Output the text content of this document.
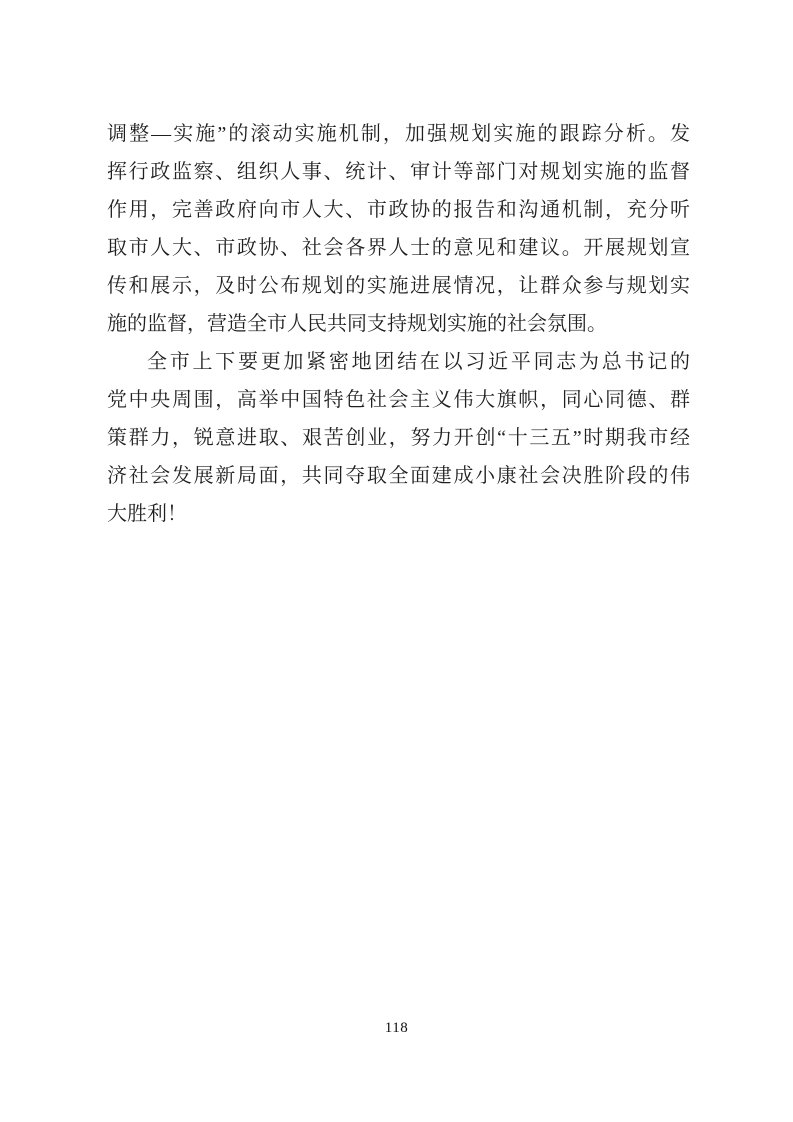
调整—实施”的滚动实施机制，加强规划实施的跟踪分析。发
挥行政监察、组织人事、统计、审计等部门对规划实施的监督
作用，完善政府向市人大、市政协的报告和沟通机制，充分听
取市人大、市政协、社会各界人士的意见和建议。开展规划宣
传和展示，及时公布规划的实施进展情况，让群众参与规划实
施的监督，营造全市人民共同支持规划实施的社会氛围。
全市上下要更加紧密地团结在以习近平同志为总书记的
党中央周围，高举中国特色社会主义伟大旗帜，同心同德、群
策群力，锐意进取、艰苦创业，努力开创“十三五”时期我市经
济社会发展新局面，共同夺取全面建成小康社会决胜阶段的伟
大胜利！
118
